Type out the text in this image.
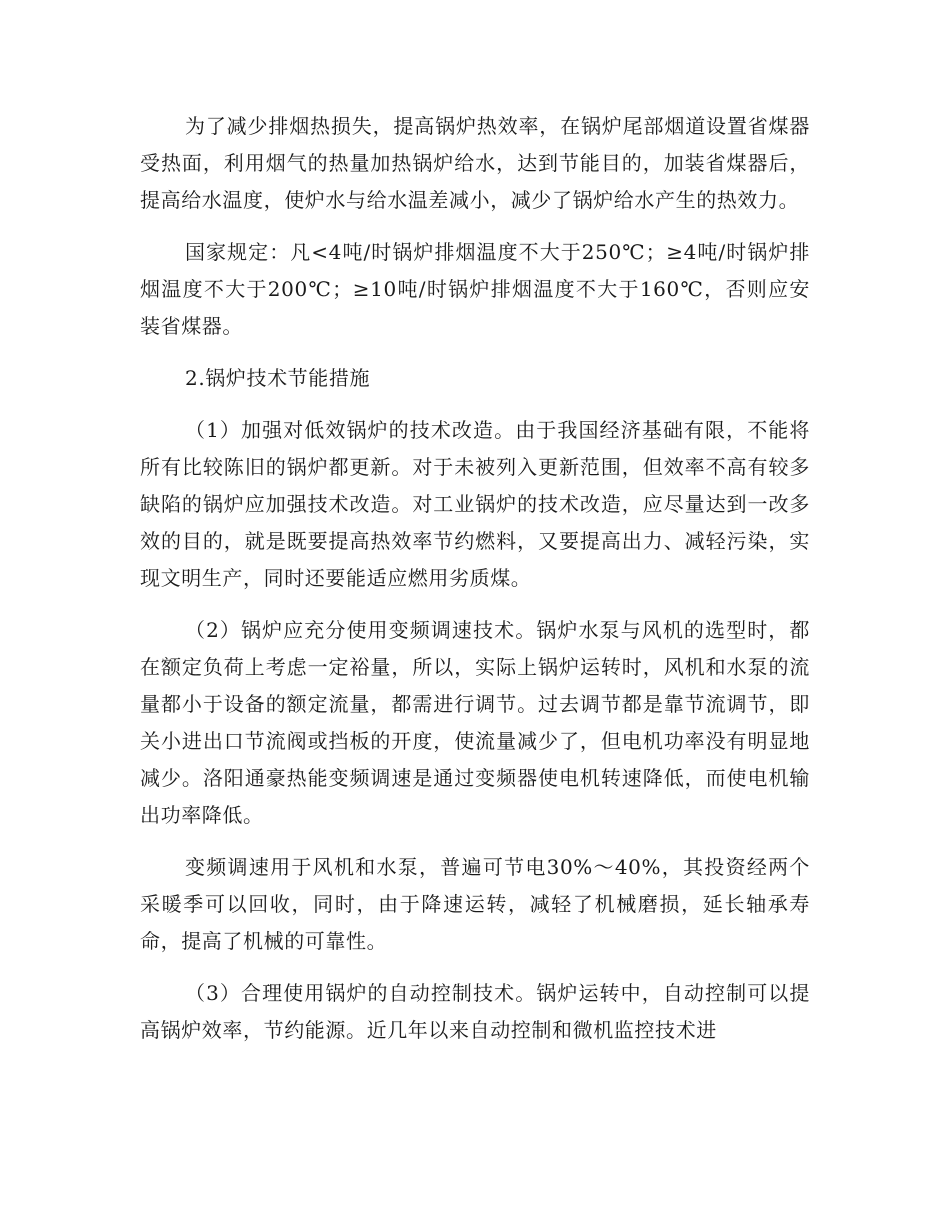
为了减少排烟热损失，提高锅炉热效率，在锅炉尾部烟道设置省煤器受热面，利用烟气的热量加热锅炉给水，达到节能目的，加装省煤器后，提高给水温度，使炉水与给水温差减小，减少了锅炉给水产生的热效力。

国家规定：凡<4吨/时锅炉排烟温度不大于250℃；≥4吨/时锅炉排烟温度不大于200℃；≥10吨/时锅炉排烟温度不大于160℃，否则应安装省煤器。

2.锅炉技术节能措施

（1）加强对低效锅炉的技术改造。由于我国经济基础有限，不能将所有比较陈旧的锅炉都更新。对于未被列入更新范围，但效率不高有较多缺陷的锅炉应加强技术改造。对工业锅炉的技术改造，应尽量达到一改多效的目的，就是既要提高热效率节约燃料，又要提高出力、减轻污染，实现文明生产，同时还要能适应燃用劣质煤。

（2）锅炉应充分使用变频调速技术。锅炉水泵与风机的选型时，都在额定负荷上考虑一定裕量，所以，实际上锅炉运转时，风机和水泵的流量都小于设备的额定流量，都需进行调节。过去调节都是靠节流调节，即关小进出口节流阀或挡板的开度，使流量减少了，但电机功率没有明显地减少。洛阳通豪热能变频调速是通过变频器使电机转速降低，而使电机输出功率降低。

变频调速用于风机和水泵，普遍可节电30%～40%，其投资经两个采暖季可以回收，同时，由于降速运转，减轻了机械磨损，延长轴承寿命，提高了机械的可靠性。

（3）合理使用锅炉的自动控制技术。锅炉运转中，自动控制可以提高锅炉效率，节约能源。近几年以来自动控制和微机监控技术进
